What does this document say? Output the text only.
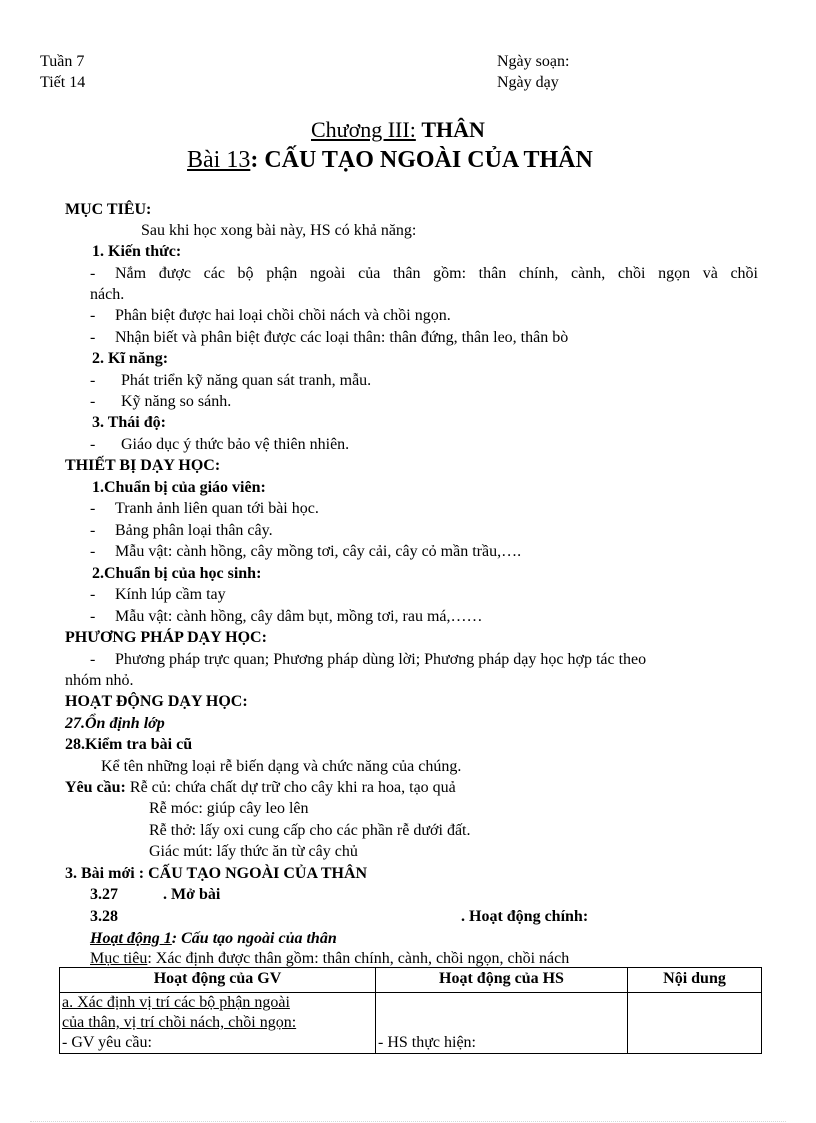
Tuần 7
Tiết 14
Ngày soạn:
Ngày dạy
Chương III: THÂN
Bài 13: CẤU TẠO NGOÀI CỦA THÂN
MỤC TIÊU:
Sau khi học xong bài này, HS có khả năng:
1. Kiến thức:
- Nắm được các bộ phận ngoài của thân gồm: thân chính, cành, chồi ngọn và chồi
nách.
- Phân biệt được hai loại chồi chồi nách và chồi ngọn.
- Nhận biết và phân biệt được các loại thân: thân đứng, thân leo, thân bò
2. Kĩ năng:
- Phát triển kỹ năng quan sát tranh, mẫu.
- Kỹ năng so sánh.
3. Thái độ:
- Giáo dục ý thức bảo vệ thiên nhiên.
THIẾT BỊ DẠY HỌC:
1.Chuẩn bị của giáo viên:
- Tranh ảnh liên quan tới bài học.
- Bảng phân loại thân cây.
- Mẫu vật: cành hồng, cây mồng tơi, cây cải, cây cỏ mần trầu,….
2.Chuẩn bị của học sinh:
- Kính lúp cầm tay
- Mẫu vật: cành hồng, cây dâm bụt, mồng tơi, rau má,……
PHƯƠNG PHÁP DẠY HỌC:
- Phương pháp trực quan; Phương pháp dùng lời; Phương pháp dạy học hợp tác theo
nhóm nhỏ.
HOẠT ĐỘNG DẠY HỌC:
27.Ổn định lớp
28.Kiểm tra bài cũ
Kể tên những loại rễ biến dạng và chức năng của chúng.
Yêu cầu: Rễ củ: chứa chất dự trữ cho cây khi ra hoa, tạo quả
Rễ móc: giúp cây leo lên
Rễ thở: lấy oxi cung cấp cho các phần rễ dưới đất.
Giác mút: lấy thức ăn từ cây chủ
3. Bài mới : CẤU TẠO NGOÀI CỦA THÂN
3.27	. Mở bài
3.28	. Hoạt động chính:
Hoạt động 1: Cấu tạo ngoài của thân
Mục tiêu: Xác định được thân gồm: thân chính, cành, chồi ngọn, chồi nách
Hoạt động của GV	Hoạt động của HS	Nội dung

a. Xác định vị trí các bộ phận ngoài
của thân, vị trí chồi nách, chồi ngọn:
- GV yêu cầu:	- HS thực hiện:	
